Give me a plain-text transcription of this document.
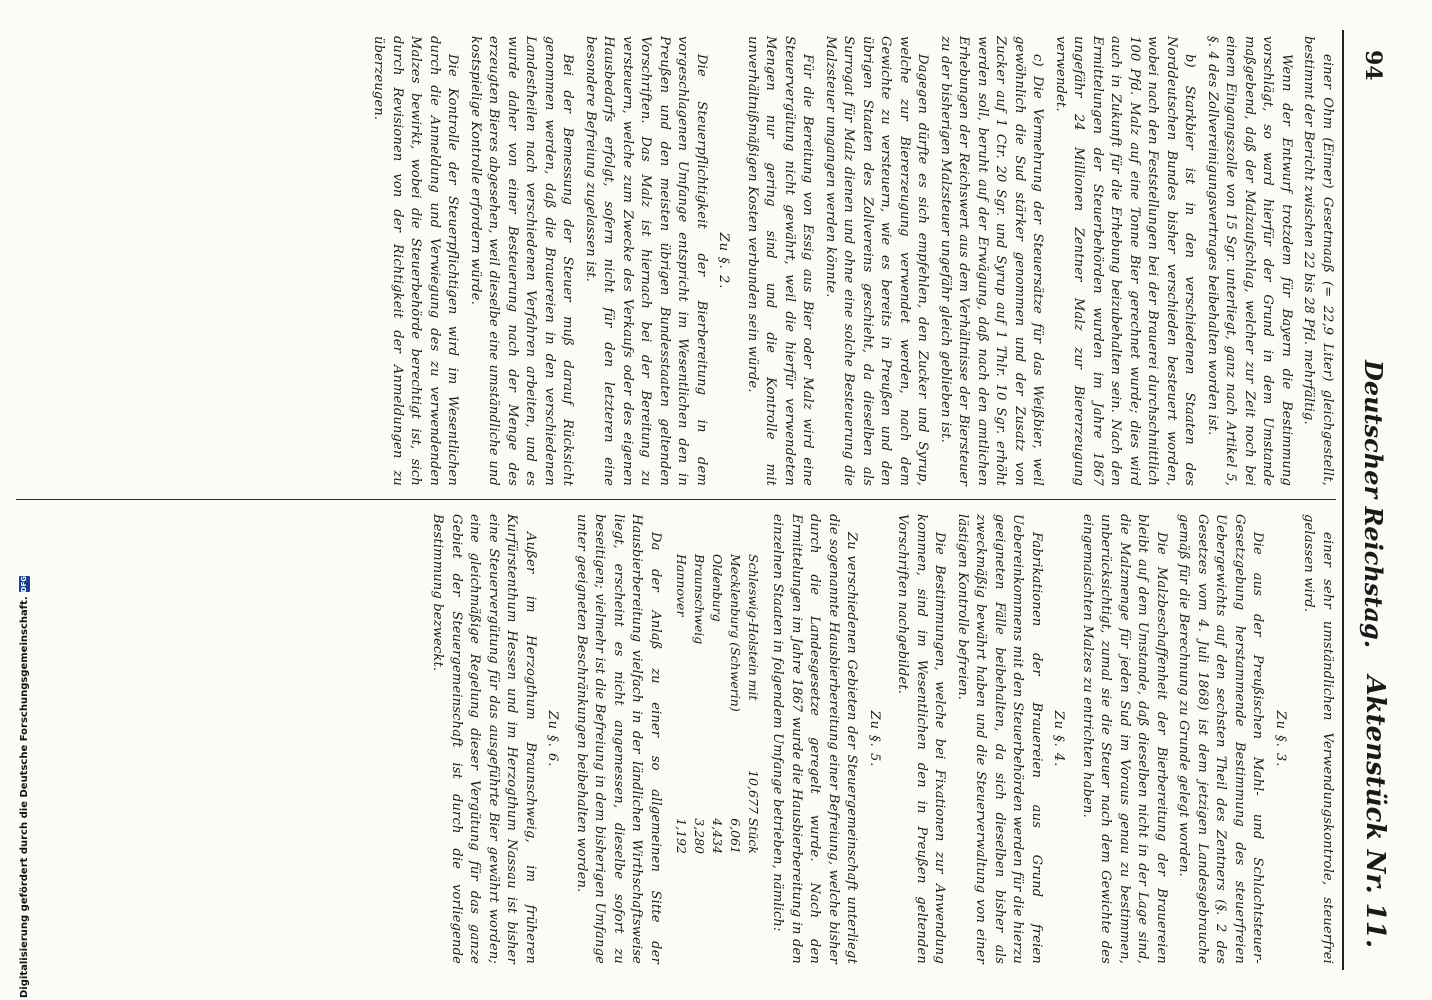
94
Deutscher Reichstag.
Aktenstück Nr. 11.

einer Ohm (Eimer) Gesetmaaß (= 22,9 Liter) gleichgestellt, bestimmt der Bericht zwischen 22 bis 28 Pfd. mehrfältig.

Wenn der Entwurf trotzdem für Bayern die Bestimmung vorschlägt, so ward hierfür der Grund in dem Umstande maßgebend, daß der Malzaufschlag, welcher zur Zeit noch bei einem Eingangszolle von 15 Sgr. unterliegt, ganz nach Artikel 5, §. 4 des Zollvereinigungsvertrages beibehalten worden ist.

b) Starkbier ist in den verschiedenen Staaten des Norddeutschen Bundes bisher verschieden besteuert worden, wobei nach den Feststellungen bei der Brauerei durchschnittlich 100 Pfd. Malz auf eine Tonne Bier gerechnet wurde; dies wird auch in Zukunft für die Erhebung beizubehalten sein. Nach den Ermittelungen der Steuerbehörden wurden im Jahre 1867 ungefähr 24 Millionen Zentner Malz zur Biererzeugung verwendet.

c) Die Vermehrung der Steuersätze für das Weißbier, weil gewöhnlich die Sud stärker genommen und der Zusatz von Zucker auf 1 Ctr. 20 Sgr. und Syrup auf 1 Thlr. 10 Sgr. erhöht werden soll, beruht auf der Erwägung, daß nach den amtlichen Erhebungen der Reichswert aus dem Verhältnisse der Biersteuer zu der bisherigen Malzsteuer ungefähr gleich geblieben ist.

Dagegen dürfte es sich empfehlen, den Zucker und Syrup, welche zur Biererzeugung verwendet werden, nach dem Gewichte zu versteuern, wie es bereits in Preußen und den übrigen Staaten des Zollvereins geschieht, da dieselben als Surrogat für Malz dienen und ohne eine solche Besteuerung die Malzsteuer umgangen werden könnte.

Für die Bereitung von Essig aus Bier oder Malz wird eine Steuervergütung nicht gewährt, weil die hierfür verwendeten Mengen nur gering sind und die Kontrolle mit unverhältnißmäßigen Kosten verbunden sein würde.

Zu §. 2.

Die Steuerpflichtigkeit der Bierbereitung in dem vorgeschlagenen Umfange entspricht im Wesentlichen den in Preußen und den meisten übrigen Bundesstaaten geltenden Vorschriften. Das Malz ist hiernach bei der Bereitung zu versteuern, welche zum Zwecke des Verkaufs oder des eigenen Hausbedarfs erfolgt, sofern nicht für den letzteren eine besondere Befreiung zugelassen ist.

Bei der Bemessung der Steuer muß darauf Rücksicht genommen werden, daß die Brauereien in den verschiedenen Landestheilen nach verschiedenen Verfahren arbeiten, und es wurde daher von einer Besteuerung nach der Menge des erzeugten Bieres abgesehen, weil dieselbe eine umständliche und kostspielige Kontrolle erfordern würde.

Die Kontrolle der Steuerpflichtigen wird im Wesentlichen durch die Anmeldung und Verwiegung des zu verwendenden Malzes bewirkt, wobei die Steuerbehörde berechtigt ist, sich durch Revisionen von der Richtigkeit der Anmeldungen zu überzeugen.

einer sehr umständlichen Verwendungskontrole, steuerfrei gelassen wird.

Zu §. 3.

Die aus der Preußischen Mahl- und Schlachtsteuer-Gesetzgebung herstammende Bestimmung des steuerfreien Uebergewichts auf den sechsten Theil des Zentners (§. 2 des Gesetzes vom 4. Juli 1868) ist dem jetzigen Landesgebrauche gemäß für die Berechnung zu Grunde gelegt worden.

Die Malzbeschaffenheit der Bierbereitung der Brauereien bleibt auf dem Umstande, daß dieselben nicht in der Lage sind, die Malzmenge für jeden Sud im Voraus genau zu bestimmen, unberücksichtigt, zumal sie die Steuer nach dem Gewichte des eingemaischten Malzes zu entrichten haben.

Zu §. 4.

Fabrikationen der Brauereien aus Grund freien Uebereinkommens mit den Steuerbehörden werden für die hierzu geeigneten Fälle beibehalten, da sich dieselben bisher als zweckmäßig bewährt haben und die Steuerverwaltung von einer lästigen Kontrolle befreien.

Die Bestimmungen, welche bei Fixationen zur Anwendung kommen, sind im Wesentlichen den in Preußen geltenden Vorschriften nachgebildet.

Zu §. 5.

Zu verschiedenen Gebieten der Steuergemeinschaft unterliegt die sogenannte Hausbierbereitung einer Befreiung, welche bisher durch die Landesgesetze geregelt wurde. Nach den Ermittelungen im Jahre 1867 wurde die Hausbierbereitung in den einzelnen Staaten in folgendem Umfange betrieben, nämlich:

Schleswig-Holstein mit
10,677 Stück
Mecklenburg (Schwerin)
6,061
Oldenburg
4,434
Braunschweig
3,280
Hannover
1,192

Da der Anlaß zu einer so allgemeinen Sitte der Hausbierbereitung vielfach in der ländlichen Wirthschaftsweise liegt, erscheint es nicht angemessen, dieselbe sofort zu beseitigen; vielmehr ist die Befreiung in dem bisherigen Umfange unter geeigneten Beschränkungen beibehalten worden.

Zu §. 6.

Außer im Herzogthum Braunschweig, im früheren Kurfürstenthum Hessen und im Herzogthum Nassau ist bisher eine Steuervergütung für das ausgeführte Bier gewährt worden; eine gleichmäßige Regelung dieser Vergütung für das ganze Gebiet der Steuergemeinschaft ist durch die vorliegende Bestimmung bezweckt.

Digitalisierung gefördert durch die Deutsche Forschungsgemeinschaft.
DFG
